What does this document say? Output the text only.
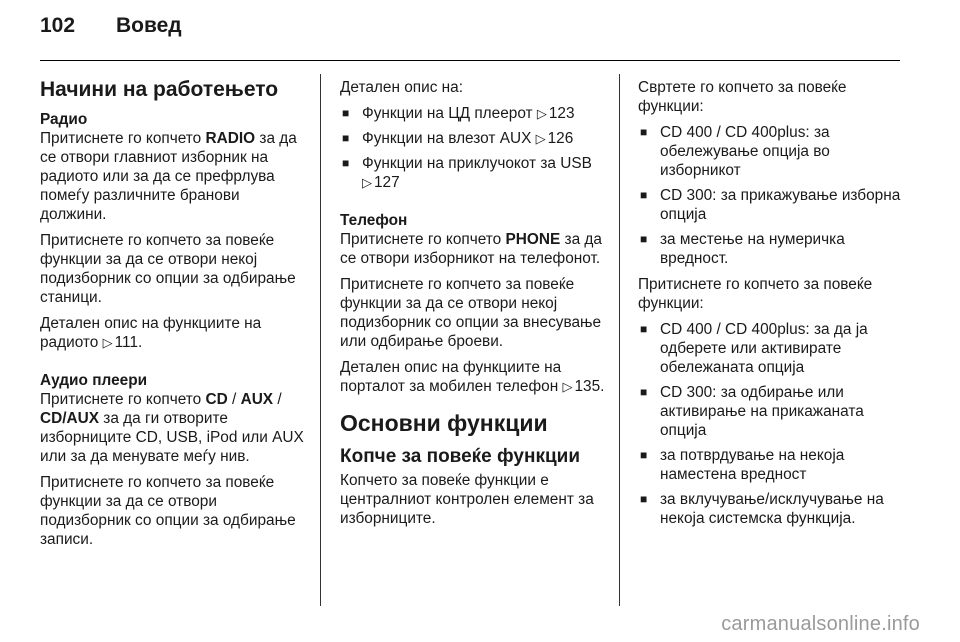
102	Вовед
Начини на работењето
Радио

Притиснете го копчето RADIO за да се отвори главниот изборник на радиото или за да се префрлува помеѓу различните бранови должини.

Притиснете го копчето за повеќе функции за да се отвори некој подизборник со опции за одбирање станици.

Детален опис на функциите на радиото ▷ 111.

Аудио плеери

Притиснете го копчето CD / AUX / CD/AUX за да ги отворите изборниците CD, USB, iPod или AUX или за да менувате меѓу нив.

Притиснете го копчето за повеќе функции за да се отвори подизборник со опции за одбирање записи.

Детален опис на:

■ Функции на ЦД плеерот ▷ 123
■ Функции на влезот AUX ▷ 126
■ Функции на приклучокот за USB ▷ 127
Телефон

Притиснете го копчето PHONE за да се отвори изборникот на телефонот.

Притиснете го копчето за повеќе функции за да се отвори некој подизборник со опции за внесување или одбирање броеви.

Детален опис на функциите на порталот за мобилен телефон ▷ 135.

Основни функции
Копче за повеќе функции

Копчето за повеќе функции е централниот контролен елемент за изборниците.

Свртете го копчето за повеќе функции:

■ CD 400 / CD 400plus: за обележување опција во изборникот
■ CD 300: за прикажување изборна опција
■ за местење на нумеричка вредност.

Притиснете го копчето за повеќе функции:

■ CD 400 / CD 400plus: за да ја одберете или активирате обележаната опција
■ CD 300: за одбирање или активирање на прикажаната опција
■ за потврдување на некоја наместена вредност
■ за вклучување/исклучување на некоја системска функција.
carmanualsonline.info
